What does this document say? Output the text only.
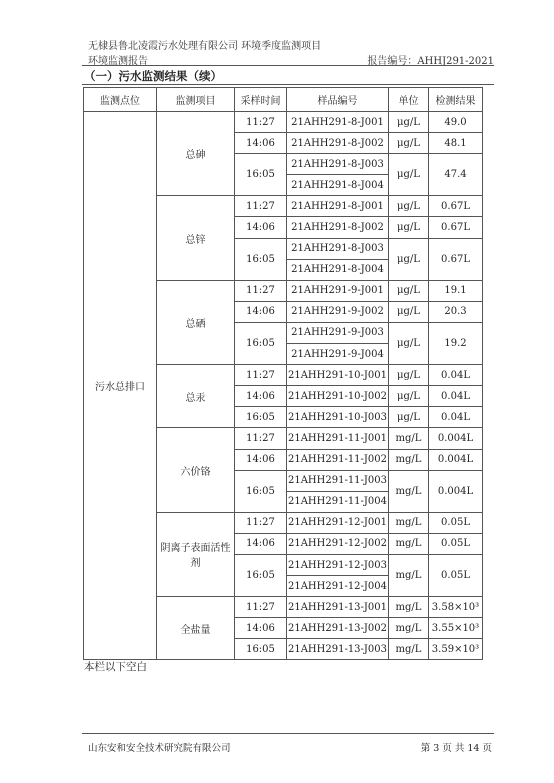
无棣县鲁北凌霞污水处理有限公司 环境季度监测项目
环境监测报告	报告编号：AHHJ291-2021
（一）污水监测结果（续）
监测点位	监测项目	采样时间	样品编号	单位	检测结果
污水总排口	总砷	11:27	21AHH291-8-J001	μg/L	49.0
		14:06	21AHH291-8-J002	μg/L	48.1
		16:05	21AHH291-8-J003	μg/L	47.4
			21AHH291-8-J004		
	总锌	11:27	21AHH291-8-J001	μg/L	0.67L
		14:06	21AHH291-8-J002	μg/L	0.67L
		16:05	21AHH291-8-J003	μg/L	0.67L
			21AHH291-8-J004		
	总硒	11:27	21AHH291-9-J001	μg/L	19.1
		14:06	21AHH291-9-J002	μg/L	20.3
		16:05	21AHH291-9-J003	μg/L	19.2
			21AHH291-9-J004		
	总汞	11:27	21AHH291-10-J001	μg/L	0.04L
		14:06	21AHH291-10-J002	μg/L	0.04L
		16:05	21AHH291-10-J003	μg/L	0.04L
	六价铬	11:27	21AHH291-11-J001	mg/L	0.004L
		14:06	21AHH291-11-J002	mg/L	0.004L
		16:05	21AHH291-11-J003	mg/L	0.004L
			21AHH291-11-J004		
	阴离子表面活性剂	11:27	21AHH291-12-J001	mg/L	0.05L
		14:06	21AHH291-12-J002	mg/L	0.05L
		16:05	21AHH291-12-J003	mg/L	0.05L
			21AHH291-12-J004		
	全盐量	11:27	21AHH291-13-J001	mg/L	3.58×10³
		14:06	21AHH291-13-J002	mg/L	3.55×10³
		16:05	21AHH291-13-J003	mg/L	3.59×10³
本栏以下空白
山东安和安全技术研究院有限公司	第 3 页 共 14 页
